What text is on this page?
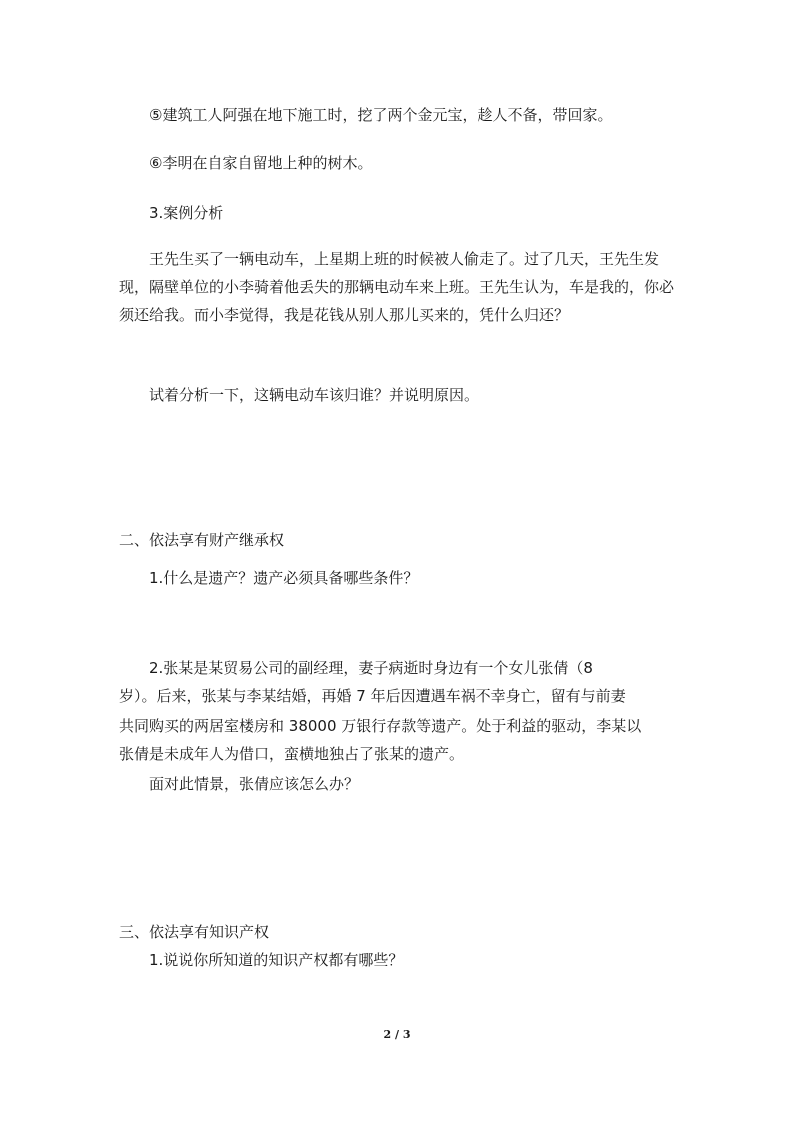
⑤建筑工人阿强在地下施工时，挖了两个金元宝，趁人不备，带回家。

⑥李明在自家自留地上种的树木。

3.案例分析

王先生买了一辆电动车，上星期上班的时候被人偷走了。过了几天，王先生发现，隔壁单位的小李骑着他丢失的那辆电动车来上班。王先生认为，车是我的，你必须还给我。而小李觉得，我是花钱从别人那儿买来的，凭什么归还？

试着分析一下，这辆电动车该归谁？并说明原因。

二、依法享有财产继承权

1.什么是遗产？遗产必须具备哪些条件？

2.张某是某贸易公司的副经理，妻子病逝时身边有一个女儿张倩（8

岁）。后来，张某与李某结婚，再婚 7 年后因遭遇车祸不幸身亡，留有与前妻

共同购买的两居室楼房和 38000 万银行存款等遗产。处于利益的驱动，李某以

张倩是未成年人为借口，蛮横地独占了张某的遗产。

面对此情景，张倩应该怎么办？

三、依法享有知识产权

1.说说你所知道的知识产权都有哪些？

2 / 3
